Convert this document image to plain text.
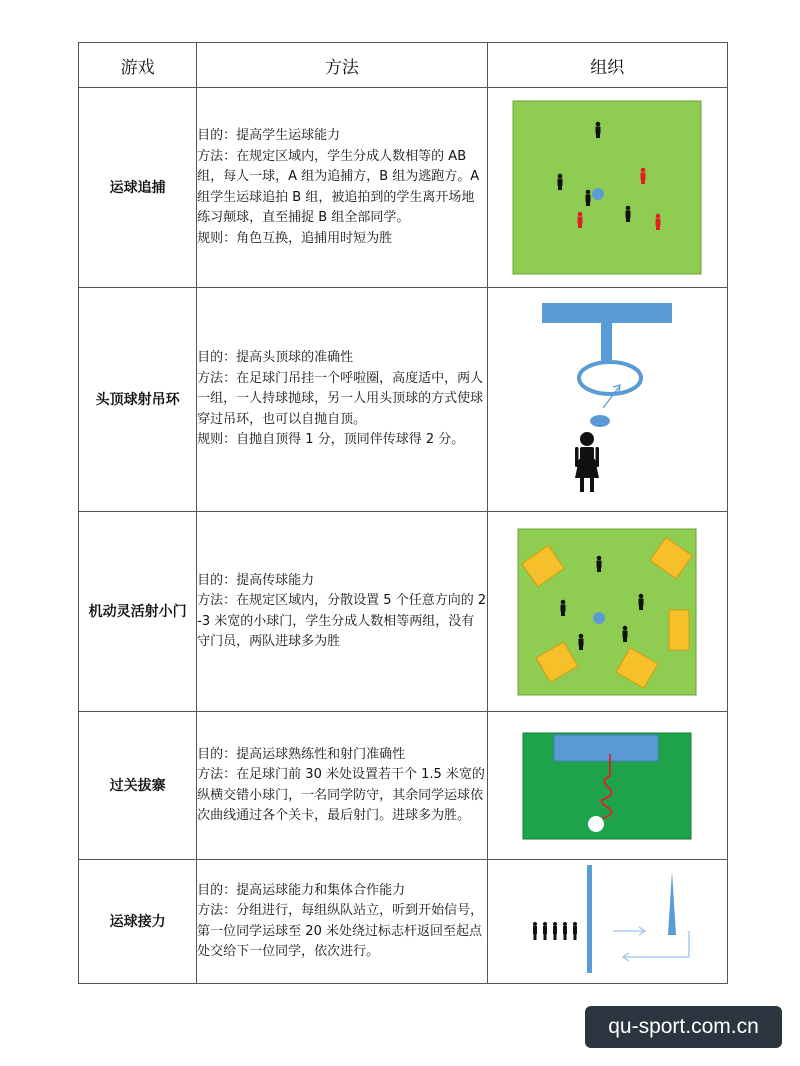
游戏	方法	组织
运球追捕	目的：提高学生运球能力
方法：在规定区域内，学生分成人数相等的 AB 组，每人一球，A 组为追捕方，B 组为逃跑方。A 组学生运球追拍 B 组，被追拍到的学生离开场地练习颠球，直至捕捉 B 组全部同学。
规则：角色互换，追捕用时短为胜

头顶球射吊环	目的：提高头顶球的准确性
方法：在足球门吊挂一个呼啦圈，高度适中，两人一组，一人持球抛球，另一人用头顶球的方式使球穿过吊环，也可以自抛自顶。
规则：自抛自顶得 1 分，顶同伴传球得 2 分。

机动灵活射小门	目的：提高传球能力
方法：在规定区域内，分散设置 5 个任意方向的 2-3 米宽的小球门，学生分成人数相等两组，没有守门员，两队进球多为胜

过关拔寨	目的：提高运球熟练性和射门准确性
方法：在足球门前 30 米处设置若干个 1.5 米宽的纵横交错小球门，一名同学防守，其余同学运球依次曲线通过各个关卡，最后射门。进球多为胜。

运球接力	目的：提高运球能力和集体合作能力
方法：分组进行，每组纵队站立，听到开始信号，第一位同学运球至 20 米处绕过标志杆返回至起点处交给下一位同学，依次进行。

qu-sport.com.cn
